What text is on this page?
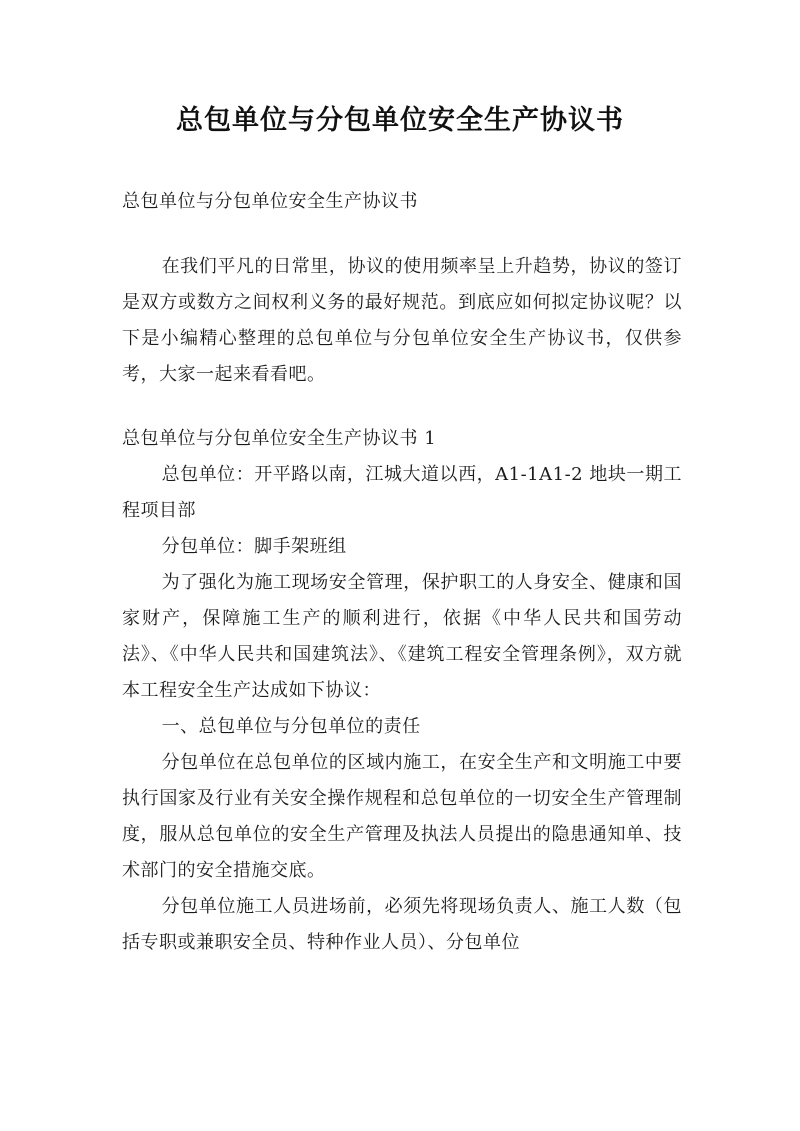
总包单位与分包单位安全生产协议书

总包单位与分包单位安全生产协议书

在我们平凡的日常里，协议的使用频率呈上升趋势，协议的签订是双方或数方之间权利义务的最好规范。到底应如何拟定协议呢？以下是小编精心整理的总包单位与分包单位安全生产协议书，仅供参考，大家一起来看看吧。

总包单位与分包单位安全生产协议书 1

总包单位：开平路以南，江城大道以西，A1-1A1-2 地块一期工程项目部

分包单位：脚手架班组

为了强化为施工现场安全管理，保护职工的人身安全、健康和国家财产，保障施工生产的顺利进行，依据《中华人民共和国劳动法》、《中华人民共和国建筑法》、《建筑工程安全管理条例》，双方就本工程安全生产达成如下协议：

一、总包单位与分包单位的责任

分包单位在总包单位的区域内施工，在安全生产和文明施工中要执行国家及行业有关安全操作规程和总包单位的一切安全生产管理制度，服从总包单位的安全生产管理及执法人员提出的隐患通知单、技术部门的安全措施交底。

分包单位施工人员进场前，必须先将现场负责人、施工人数（包括专职或兼职安全员、特种作业人员）、分包单位
